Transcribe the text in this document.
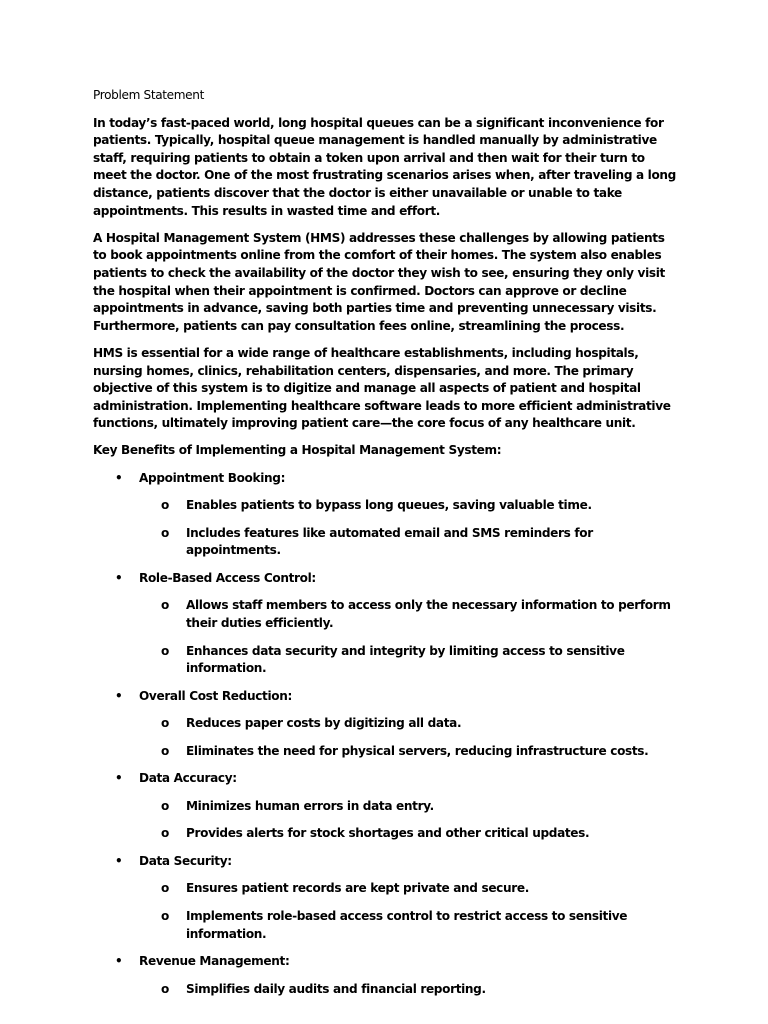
Problem Statement

In today’s fast-paced world, long hospital queues can be a significant inconvenience for patients. Typically, hospital queue management is handled manually by administrative staff, requiring patients to obtain a token upon arrival and then wait for their turn to meet the doctor. One of the most frustrating scenarios arises when, after traveling a long distance, patients discover that the doctor is either unavailable or unable to take appointments. This results in wasted time and effort.

A Hospital Management System (HMS) addresses these challenges by allowing patients to book appointments online from the comfort of their homes. The system also enables patients to check the availability of the doctor they wish to see, ensuring they only visit the hospital when their appointment is confirmed. Doctors can approve or decline appointments in advance, saving both parties time and preventing unnecessary visits. Furthermore, patients can pay consultation fees online, streamlining the process.

HMS is essential for a wide range of healthcare establishments, including hospitals, nursing homes, clinics, rehabilitation centers, dispensaries, and more. The primary objective of this system is to digitize and manage all aspects of patient and hospital administration. Implementing healthcare software leads to more efficient administrative functions, ultimately improving patient care—the core focus of any healthcare unit.

Key Benefits of Implementing a Hospital Management System:

• Appointment Booking:
o Enables patients to bypass long queues, saving valuable time.
o Includes features like automated email and SMS reminders for appointments.
• Role-Based Access Control:
o Allows staff members to access only the necessary information to perform their duties efficiently.
o Enhances data security and integrity by limiting access to sensitive information.
• Overall Cost Reduction:
o Reduces paper costs by digitizing all data.
o Eliminates the need for physical servers, reducing infrastructure costs.
• Data Accuracy:
o Minimizes human errors in data entry.
o Provides alerts for stock shortages and other critical updates.
• Data Security:
o Ensures patient records are kept private and secure.
o Implements role-based access control to restrict access to sensitive information.
• Revenue Management:
o Simplifies daily audits and financial reporting.
